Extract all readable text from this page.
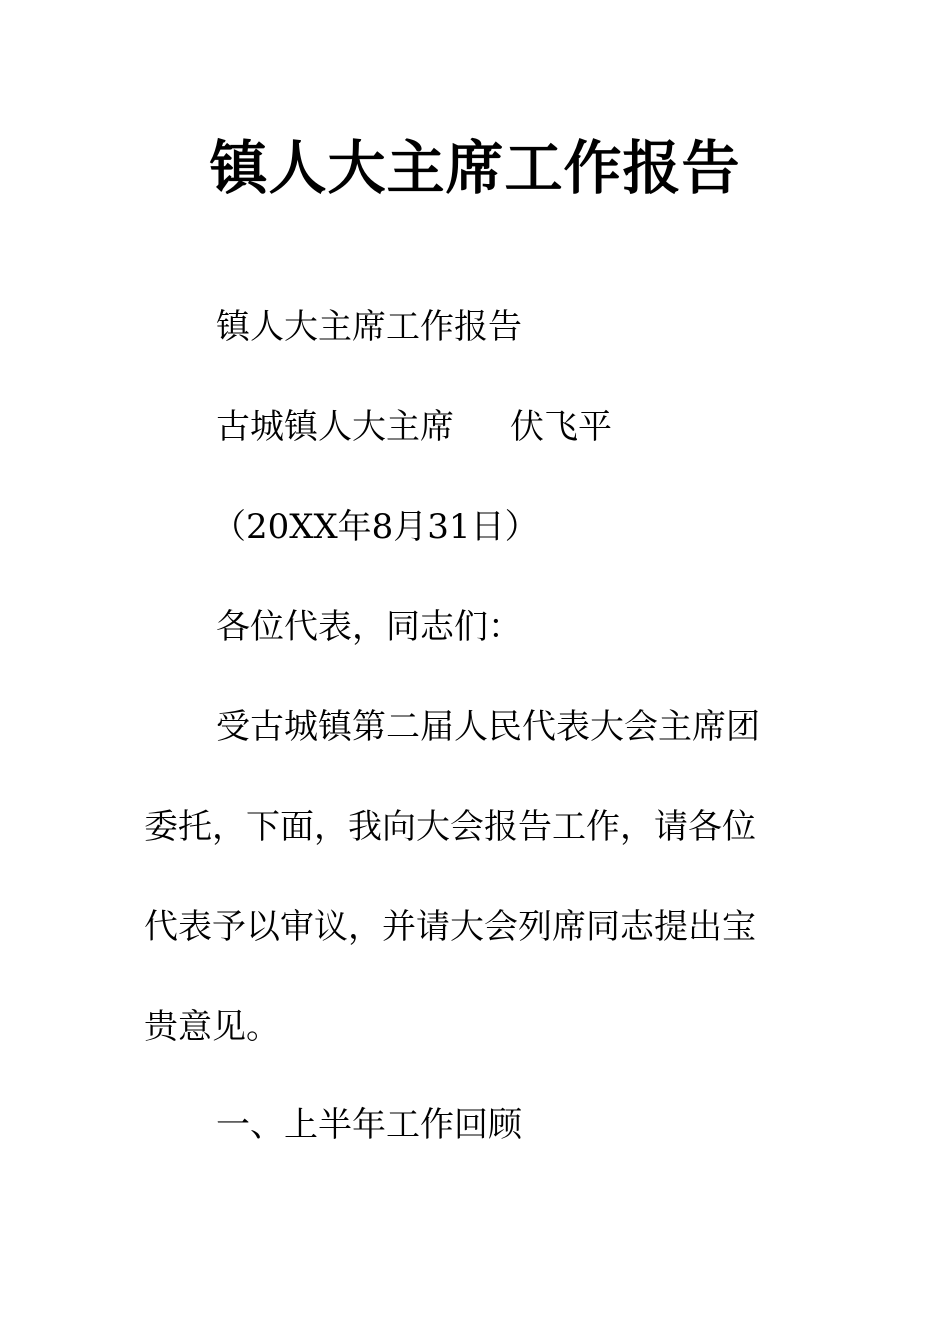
镇人大主席工作报告
镇人大主席工作报告
古城镇人大主席 伏飞平
（20XX年8月31日）
各位代表，同志们：
受古城镇第二届人民代表大会主席团
委托，下面，我向大会报告工作，请各位
代表予以审议，并请大会列席同志提出宝
贵意见。
一、上半年工作回顾
